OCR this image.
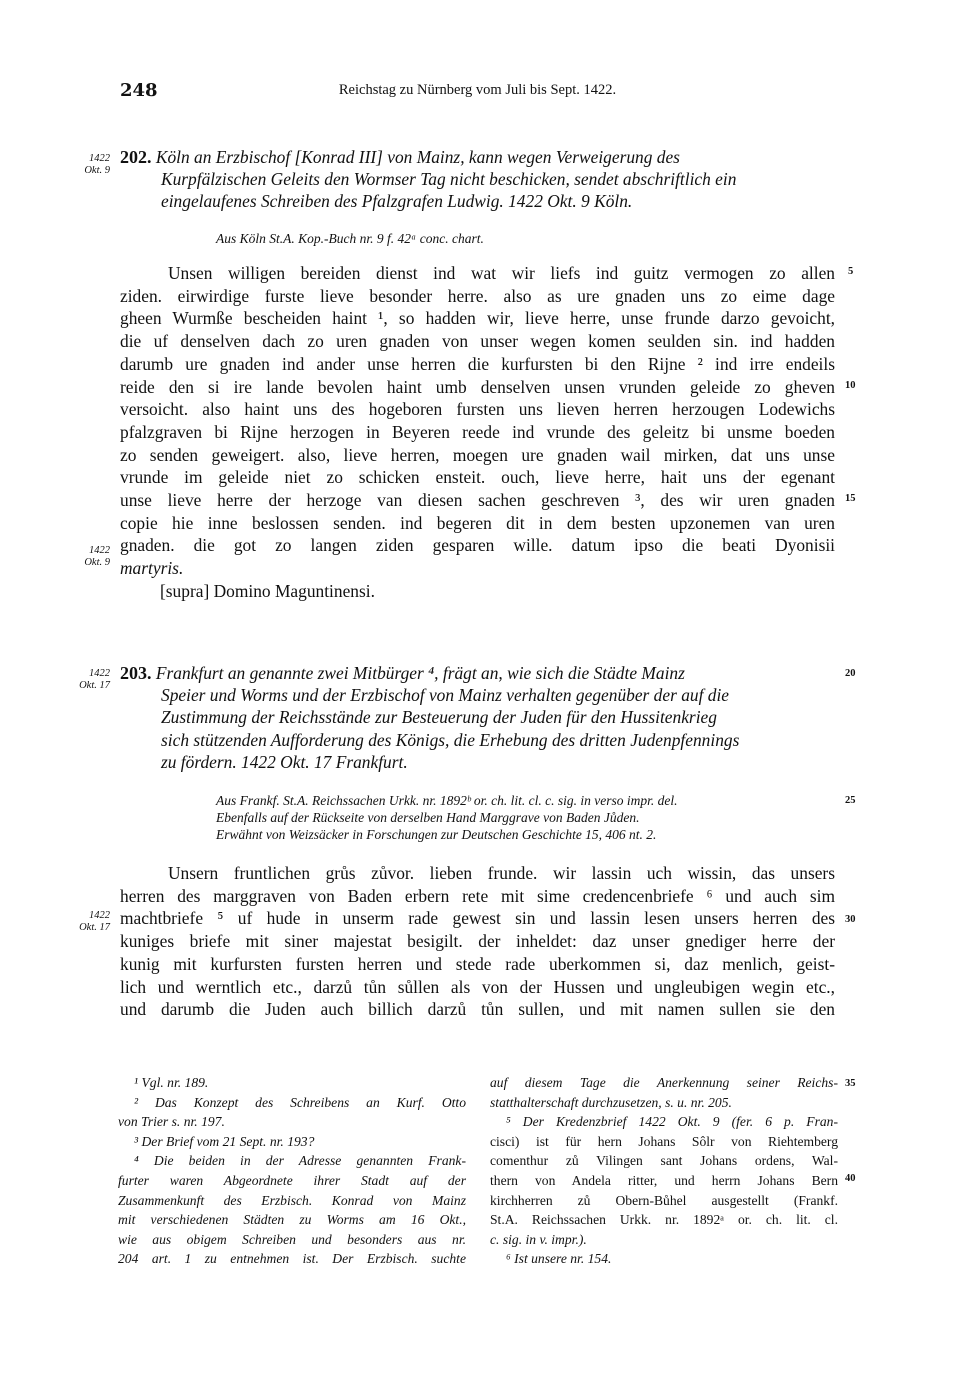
248	Reichstag zu Nürnberg vom Juli bis Sept. 1422.
1422
Okt. 9
202. Köln an Erzbischof [Konrad III] von Mainz, kann wegen Verweigerung des
Kurpfälzischen Geleits den Wormser Tag nicht beschicken, sendet abschriftlich ein
eingelaufenes Schreiben des Pfalzgrafen Ludwig. 1422 Okt. 9 Köln.
Aus Köln St.A. Kop.-Buch nr. 9 f. 42ᵃ conc. chart.
Unsen willigen bereiden dienst ind wat wir liefs ind guitz vermogen zo allen
ziden. eirwirdige furste lieve besonder herre. also as ure gnaden uns zo eime dage
gheen Wurmße bescheiden haint ¹, so hadden wir, lieve herre, unse frunde darzo gevoicht,
die uf denselven dach zo uren gnaden von unser wegen komen seulden sin. ind hadden
darumb ure gnaden ind ander unse herren die kurfursten bi den Rijne ² ind irre endeils
reide den si ire lande bevolen haint umb denselven unsen vrunden geleide zo gheven
versoicht. also haint uns des hogeboren fursten uns lieven herren herzougen Lodewichs
pfalzgraven bi Rijne herzogen in Beyeren reede ind vrunde des geleitz bi unsme boeden
zo senden geweigert. also, lieve herren, moegen ure gnaden wail mirken, dat uns unse
vrunde im geleide niet zo schicken ensteit. ouch, lieve herre, hait uns der egenant
unse lieve herre der herzoge van diesen sachen geschreven ³, des wir uren gnaden
copie hie inne beslossen senden. ind begeren dit in dem besten upzonemen van uren
gnaden. die got zo langen ziden gesparen wille. datum ipso die beati Dyonisii
martyris.
[supra] Domino Maguntinensi.
1422
Okt. 9
1422
Okt. 17
203. Frankfurt an genannte zwei Mitbürger ⁴, frägt an, wie sich die Städte Mainz
Speier und Worms und der Erzbischof von Mainz verhalten gegenüber der auf die
Zustimmung der Reichsstände zur Besteuerung der Juden für den Hussitenkrieg
sich stützenden Aufforderung des Königs, die Erhebung des dritten Judenpfennings
zu fördern. 1422 Okt. 17 Frankfurt.
Aus Frankf. St.A. Reichssachen Urkk. nr. 1892ᵇ or. ch. lit. cl. c. sig. in verso impr. del.
Ebenfalls auf der Rückseite von derselben Hand Marggrave von Baden Jůden.
Erwähnt von Weizsäcker in Forschungen zur Deutschen Geschichte 15, 406 nt. 2.
Unsern fruntlichen grůs zůvor. lieben frunde. wir lassin uch wissin, das unsers
herren des marggraven von Baden erbern rete mit sime credencenbriefe ⁶ und auch sim
machtbriefe ⁵ uf hude in unserm rade gewest sin und lassin lesen unsers herren des
kuniges briefe mit siner majestat besigilt. der inheldet: daz unser gnediger herre der
kunig mit kurfursten fursten herren und stede rade uberkommen si, daz menlich, geist-
lich und werntlich etc., darzů tůn sůllen als von der Hussen und ungleubigen wegin etc.,
und darumb die Juden auch billich darzů tůn sullen, und mit namen sullen sie den
1422
Okt. 17
5
10
15
20
25
30
35
40
¹ Vgl. nr. 189.
² Das Konzept des Schreibens an Kurf. Otto
von Trier s. nr. 197.
³ Der Brief vom 21 Sept. nr. 193?
⁴ Die beiden in der Adresse genannten Frank-
furter waren Abgeordnete ihrer Stadt auf der
Zusammenkunft des Erzbisch. Konrad von Mainz
mit verschiedenen Städten zu Worms am 16 Okt.,
wie aus obigem Schreiben und besonders aus nr.
204 art. 1 zu entnehmen ist. Der Erzbisch. suchte
auf diesem Tage die Anerkennung seiner Reichs-
statthalterschaft durchzusetzen, s. u. nr. 205.
⁵ Der Kredenzbrief 1422 Okt. 9 (fer. 6 p. Fran-
cisci) ist für hern Johans Sôlr von Riehtemberg
comenthur zů Vilingen sant Johans ordens, Wal-
thern von Andela ritter, und herrn Johans Bern
kirchherren zů Obern-Bůhel ausgestellt (Frankf.
St.A. Reichssachen Urkk. nr. 1892ᵃ or. ch. lit. cl.
c. sig. in v. impr.).
⁶ Ist unsere nr. 154.
